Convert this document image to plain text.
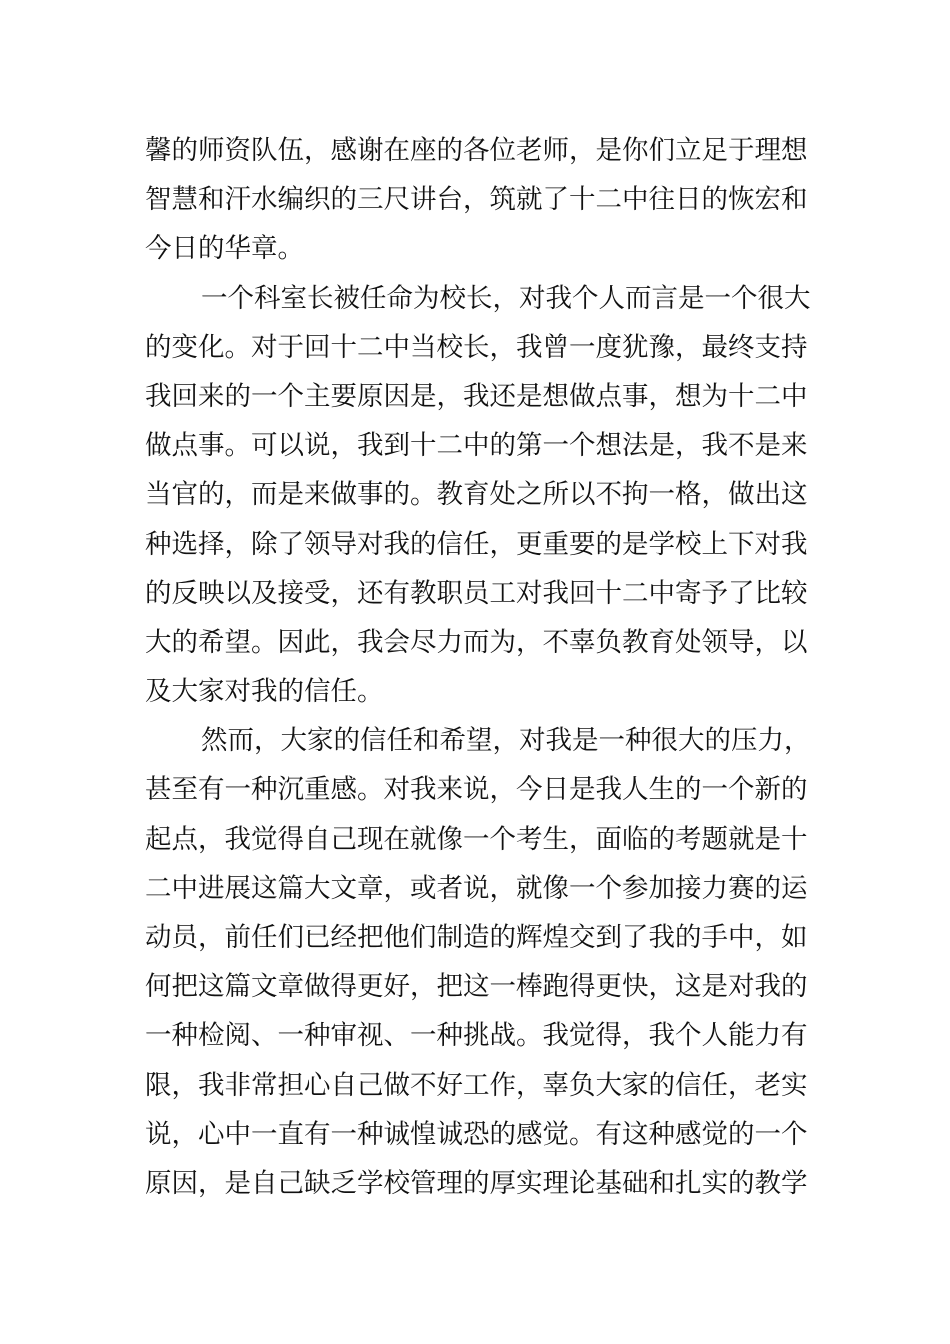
馨的师资队伍，感谢在座的各位老师，是你们立足于理想
智慧和汗水编织的三尺讲台，筑就了十二中往日的恢宏和
今日的华章。
一个科室长被任命为校长，对我个人而言是一个很大
的变化。对于回十二中当校长，我曾一度犹豫，最终支持
我回来的一个主要原因是，我还是想做点事，想为十二中
做点事。可以说，我到十二中的第一个想法是，我不是来
当官的，而是来做事的。教育处之所以不拘一格，做出这
种选择，除了领导对我的信任，更重要的是学校上下对我
的反映以及接受，还有教职员工对我回十二中寄予了比较
大的希望。因此，我会尽力而为，不辜负教育处领导，以
及大家对我的信任。
然而，大家的信任和希望，对我是一种很大的压力，
甚至有一种沉重感。对我来说，今日是我人生的一个新的
起点，我觉得自己现在就像一个考生，面临的考题就是十
二中进展这篇大文章，或者说，就像一个参加接力赛的运
动员，前任们已经把他们制造的辉煌交到了我的手中，如
何把这篇文章做得更好，把这一棒跑得更快，这是对我的
一种检阅、一种审视、一种挑战。我觉得，我个人能力有
限，我非常担心自己做不好工作，辜负大家的信任，老实
说，心中一直有一种诚惶诚恐的感觉。有这种感觉的一个
原因，是自己缺乏学校管理的厚实理论基础和扎实的教学
